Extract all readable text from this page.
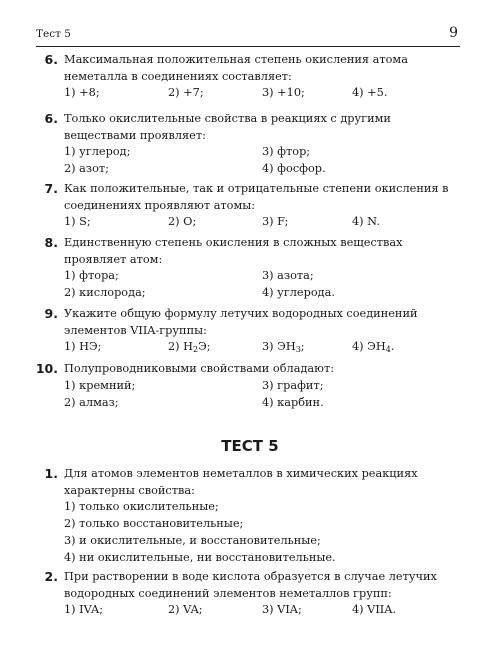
Тест 5	9
6. Максимальная положительная степень окисления атома неметалла в соединениях составляет:
1) +8;	2) +7;	3) +10;	4) +5.
6. Только окислительные свойства в реакциях с другими веществами проявляет:
1) углерод;	3) фтор;
2) азот;	4) фосфор.
7. Как положительные, так и отрицательные степени окисления в соединениях проявляют атомы:
1) S;	2) O;	3) F;	4) N.
8. Единственную степень окисления в сложных веществах проявляет атом:
1) фтора;	3) азота;
2) кислорода;	4) углерода.
9. Укажите общую формулу летучих водородных соединений элементов VIIA-группы:
1) HЭ;	2) $H_2Э$;	3) $ЭH_3$;	4) $ЭH_4$.
10. Полупроводниковыми свойствами обладают:
1) кремний;	3) графит;
2) алмаз;	4) карбин.
ТЕСТ 5
1. Для атомов элементов неметаллов в химических реакциях характерны свойства:
1) только окислительные;
2) только восстановительные;
3) и окислительные, и восстановительные;
4) ни окислительные, ни восстановительные.
2. При растворении в воде кислота образуется в случае летучих водородных соединений элементов неметаллов групп:
1) IVA;	2) VA;	3) VIA;	4) VIIA.
